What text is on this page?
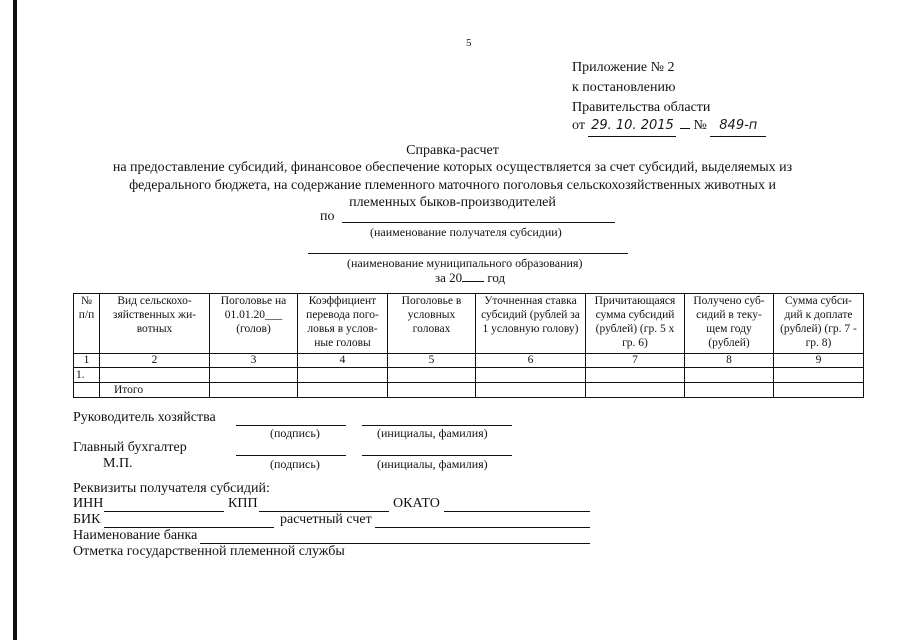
5
Приложение № 2
к постановлению
Правительства области
от 29. 10. 2015 № 849-п
Справка-расчет
на предоставление субсидий, финансовое обеспечение которых осуществляется за счет субсидий, выделяемых из
федерального бюджета, на содержание племенного маточного поголовья сельскохозяйственных животных и
племенных быков-производителей
по
(наименование получателя субсидии)
(наименование муниципального образования)
за 20 год
№ п/п	Вид сельскохо-зяйственных жи-вотных	Поголовье на 01.01.20___ (голов)	Коэффициент перевода пого-ловья в услов-ные головы	Поголовье в условных головах	Уточненная ставка субсидий (рублей за 1 условную голову)	Причитающаяся сумма субсидий (рублей) (гр. 5 х гр. 6)	Получено суб-сидий в теку-щем году (рублей)	Сумма субси-дий к доплате (рублей) (гр. 7 - гр. 8)
1	2	3	4	5	6	7	8	9
1.								
	Итого							
Руководитель хозяйства
(подпись)	(инициалы, фамилия)
Главный бухгалтер
М.П.	(подпись)	(инициалы, фамилия)
Реквизиты получателя субсидий:
ИНН	КПП	ОКАТО
БИК	расчетный счет
Наименование банка
Отметка государственной племенной службы
